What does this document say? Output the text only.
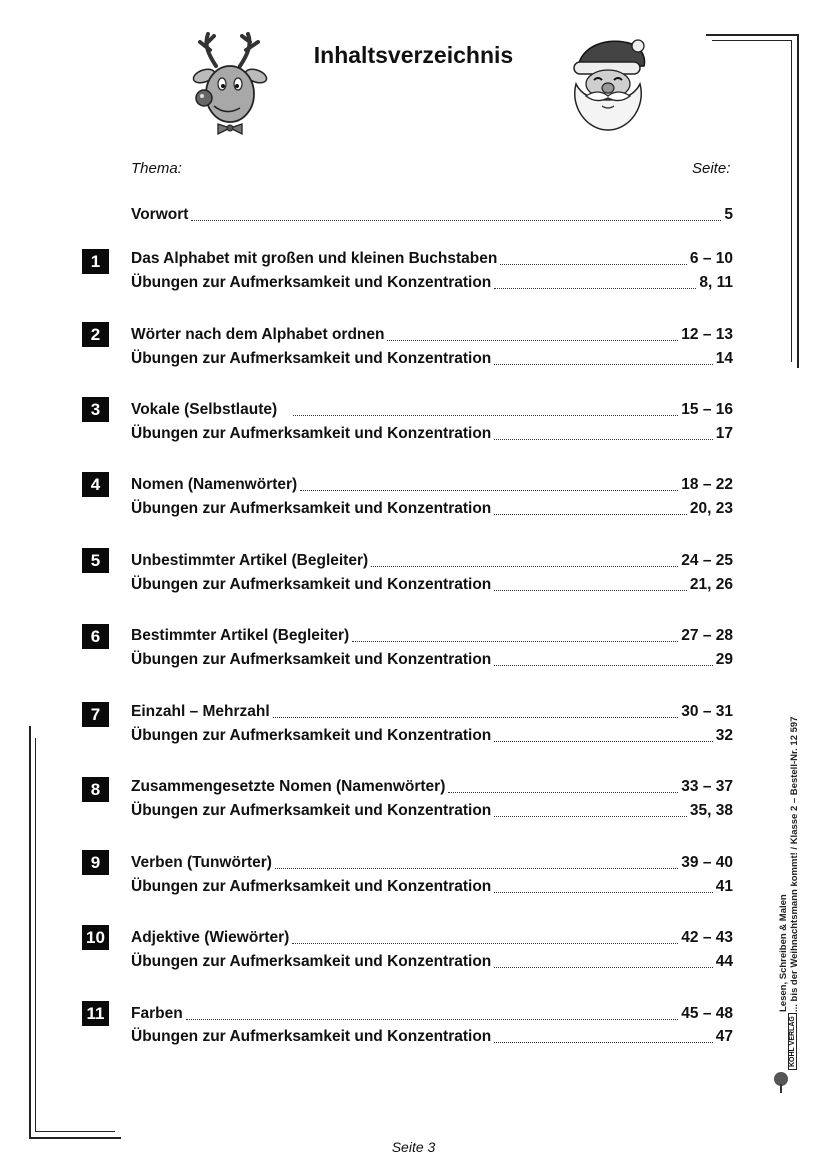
Inhaltsverzeichnis
Thema:	Seite:
Vorwort	5
1	Das Alphabet mit großen und kleinen Buchstaben	6 – 10
Übungen zur Aufmerksamkeit und Konzentration	8, 11
2	Wörter nach dem Alphabet ordnen	12 – 13
Übungen zur Aufmerksamkeit und Konzentration	14
3	Vokale (Selbstlaute)	15 – 16
Übungen zur Aufmerksamkeit und Konzentration	17
4	Nomen (Namenwörter)	18 – 22
Übungen zur Aufmerksamkeit und Konzentration	20, 23
5	Unbestimmter Artikel (Begleiter)	24 – 25
Übungen zur Aufmerksamkeit und Konzentration	21, 26
6	Bestimmter Artikel (Begleiter)	27 – 28
Übungen zur Aufmerksamkeit und Konzentration	29
7	Einzahl – Mehrzahl	30 – 31
Übungen zur Aufmerksamkeit und Konzentration	32
8	Zusammengesetzte Nomen (Namenwörter)	33 – 37
Übungen zur Aufmerksamkeit und Konzentration	35, 38
9	Verben (Tunwörter)	39 – 40
Übungen zur Aufmerksamkeit und Konzentration	41
10 Adjektive (Wiewörter)	42 – 43
Übungen zur Aufmerksamkeit und Konzentration	44
11 Farben	45 – 48
Übungen zur Aufmerksamkeit und Konzentration	47
Lesen, Schreiben & Malen ... bis der Weihnachtsmann kommt! / Klasse 2 – Bestell-Nr. 12 597
KOHL VERLAG
Seite 3
